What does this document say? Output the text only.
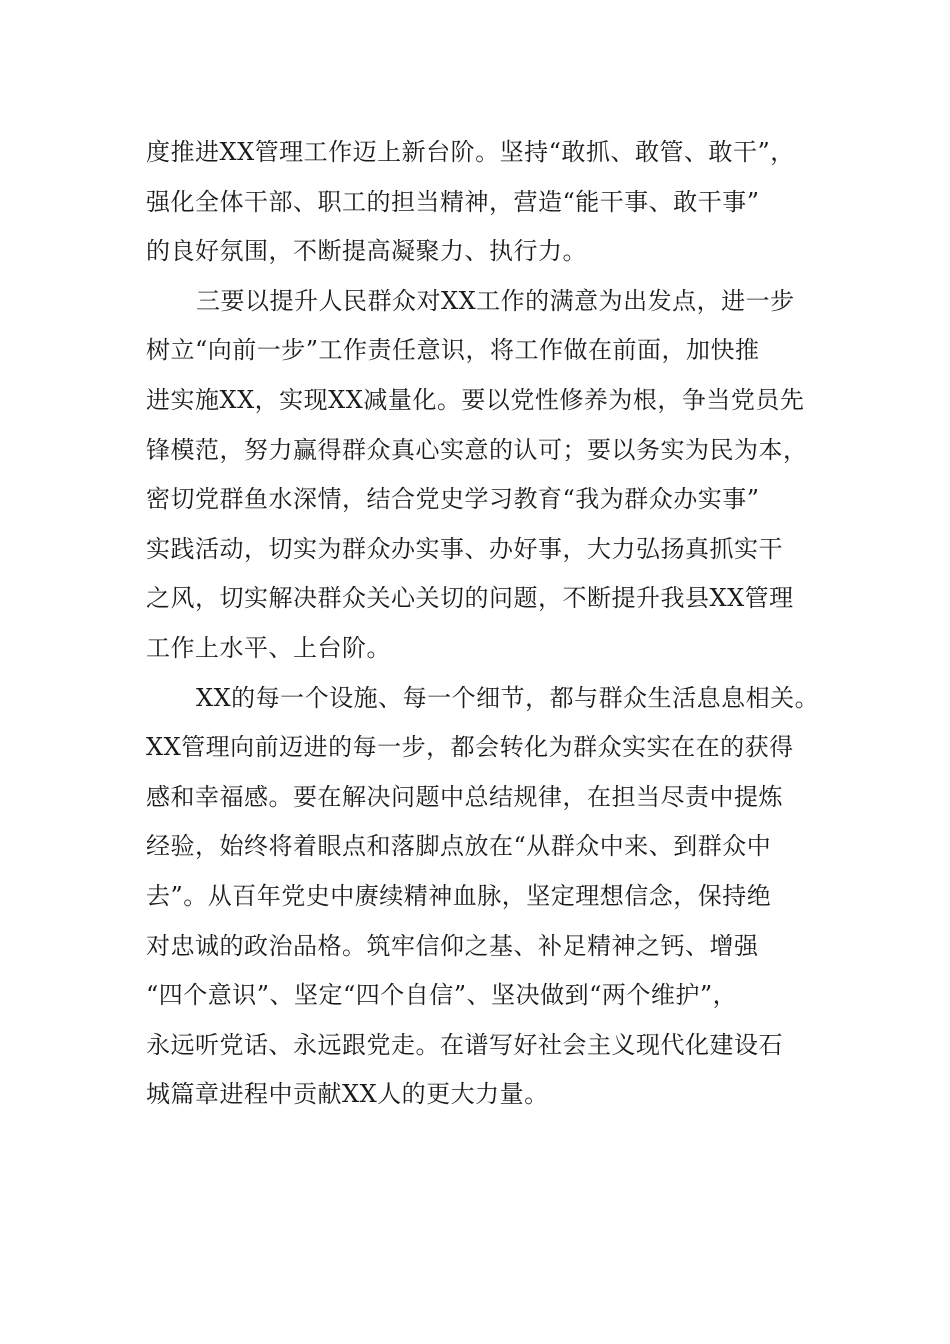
度推进XX管理工作迈上新台阶。坚持“敢抓、敢管、敢干”，
强化全体干部、职工的担当精神，营造“能干事、敢干事”
的良好氛围，不断提高凝聚力、执行力。
三要以提升人民群众对XX工作的满意为出发点，进一步
树立“向前一步”工作责任意识，将工作做在前面，加快推
进实施XX，实现XX减量化。要以党性修养为根，争当党员先
锋模范，努力赢得群众真心实意的认可；要以务实为民为本，
密切党群鱼水深情，结合党史学习教育“我为群众办实事”
实践活动，切实为群众办实事、办好事，大力弘扬真抓实干
之风，切实解决群众关心关切的问题，不断提升我县XX管理
工作上水平、上台阶。
XX的每一个设施、每一个细节，都与群众生活息息相关。
XX管理向前迈进的每一步，都会转化为群众实实在在的获得
感和幸福感。要在解决问题中总结规律，在担当尽责中提炼
经验，始终将着眼点和落脚点放在“从群众中来、到群众中
去”。从百年党史中赓续精神血脉，坚定理想信念，保持绝
对忠诚的政治品格。筑牢信仰之基、补足精神之钙、增强
“四个意识”、坚定“四个自信”、坚决做到“两个维护”，
永远听党话、永远跟党走。在谱写好社会主义现代化建设石
城篇章进程中贡献XX人的更大力量。
